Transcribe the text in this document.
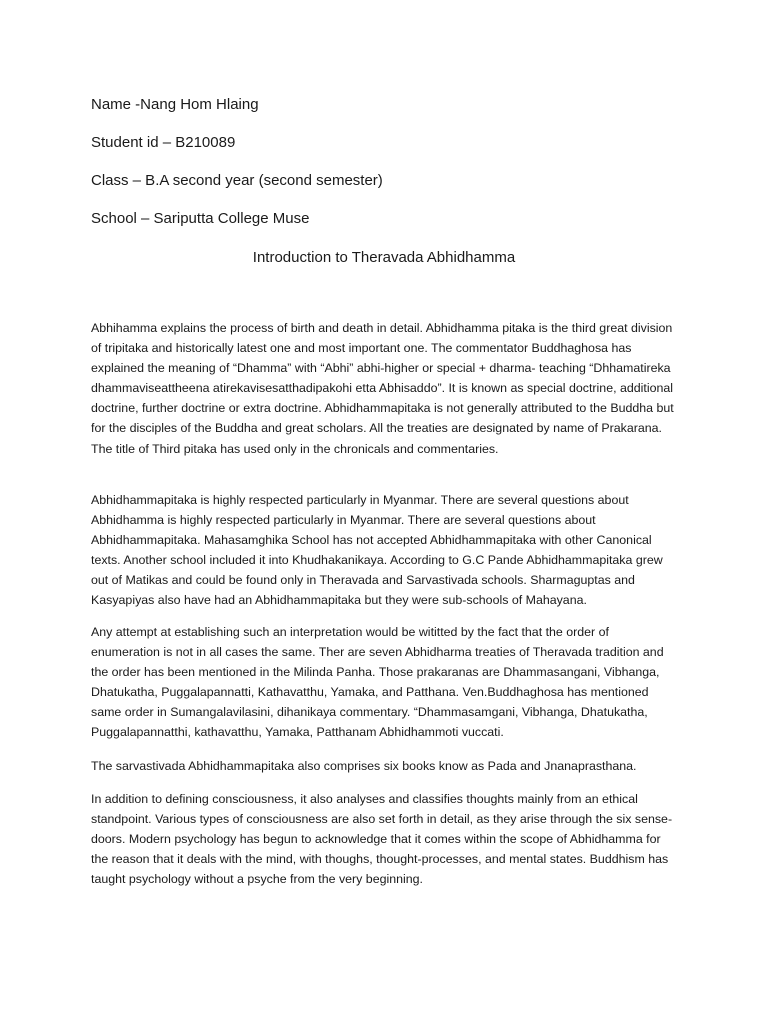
Name -Nang Hom Hlaing
Student id – B210089
Class – B.A second year (second semester)
School – Sariputta College Muse
Introduction to Theravada Abhidhamma

Abhihamma explains the process of birth and death in detail. Abhidhamma pitaka is the third great division of tripitaka and historically latest one and most important one. The commentator Buddhaghosa has explained the meaning of “Dhamma” with “Abhi” abhi-higher or special + dharma- teaching “Dhhamatireka dhammaviseattheena atirekavisesatthadipakohi etta Abhisaddo”. It is known as special doctrine, additional doctrine, further doctrine or extra doctrine. Abhidhammapitaka is not generally attributed to the Buddha but for the disciples of the Buddha and great scholars. All the treaties are designated by name of Prakarana. The title of Third pitaka has used only in the chronicals and commentaries.

Abhidhammapitaka is highly respected particularly in Myanmar. There are several questions about Abhidhamma is highly respected particularly in Myanmar. There are several questions about Abhidhammapitaka. Mahasamghika School has not accepted Abhidhammapitaka with other Canonical texts. Another school included it into Khudhakanikaya. According to G.C Pande Abhidhammapitaka grew out of Matikas and could be found only in Theravada and Sarvastivada schools. Sharmaguptas and Kasyapiyas also have had an Abhidhammapitaka but they were sub-schools of Mahayana.

Any attempt at establishing such an interpretation would be wititted by the fact that the order of enumeration is not in all cases the same. Ther are seven Abhidharma treaties of Theravada tradition and the order has been mentioned in the Milinda Panha. Those prakaranas are Dhammasangani, Vibhanga, Dhatukatha, Puggalapannatti, Kathavatthu, Yamaka, and Patthana. Ven.Buddhaghosa has mentioned same order in Sumangalavilasini, dihanikaya commentary. “Dhammasamgani, Vibhanga, Dhatukatha, Puggalapannatthi, kathavatthu, Yamaka, Patthanam Abhidhammoti vuccati.

The sarvastivada Abhidhammapitaka also comprises six books know as Pada and Jnanaprasthana.

In addition to defining consciousness, it also analyses and classifies thoughts mainly from an ethical standpoint. Various types of consciousness are also set forth in detail, as they arise through the six sense-doors. Modern psychology has begun to acknowledge that it comes within the scope of Abhidhamma for the reason that it deals with the mind, with thoughs, thought-processes, and mental states. Buddhism has taught psychology without a psyche from the very beginning.
